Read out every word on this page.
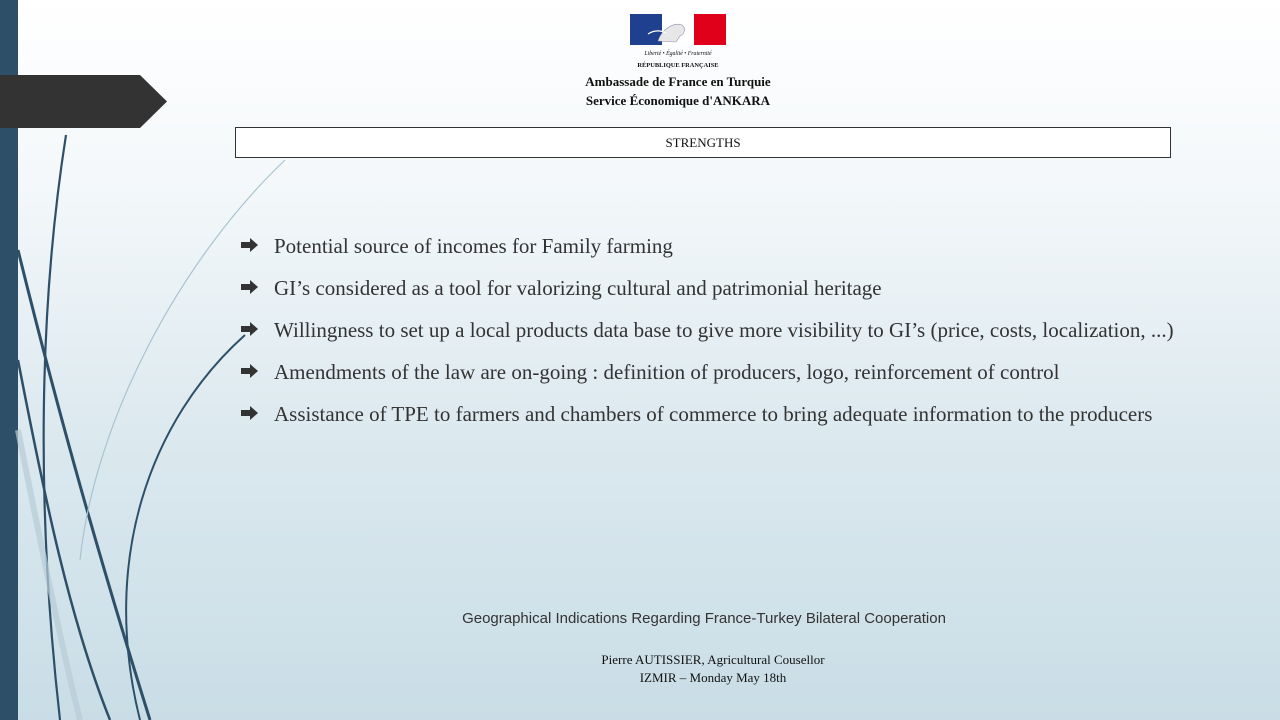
Liberté • Égalité • Fraternité
RÉPUBLIQUE FRANÇAISE
Ambassade de France en Turquie
Service Économique d'ANKARA
STRENGTHS
Potential source of incomes for Family farming
GI’s considered as a tool for valorizing cultural and patrimonial heritage
Willingness to set up a local products data base to give more visibility to GI’s (price, costs, localization, ...)
Amendments of the law are on-going : definition of producers, logo, reinforcement of control
Assistance of TPE to farmers and chambers of commerce to bring adequate information to the producers
Geographical Indications Regarding France-Turkey Bilateral Cooperation
Pierre AUTISSIER, Agricultural Cousellor
IZMIR – Monday May 18th
